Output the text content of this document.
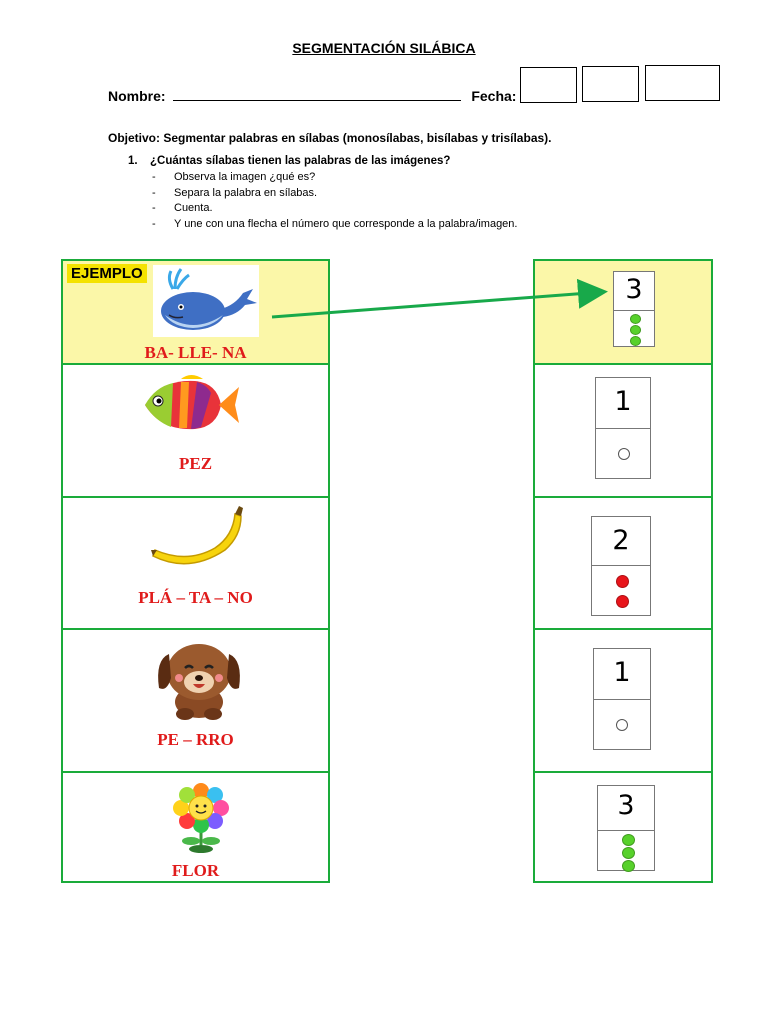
SEGMENTACIÓN SILÁBICA
Nombre:	Fecha:
Objetivo: Segmentar palabras en sílabas (monosílabas, bisílabas y trisílabas).
1. ¿Cuántas sílabas tienen las palabras de las imágenes?
- Observa la imagen ¿qué es?
- Separa la palabra en sílabas.
- Cuenta.
- Y une con una flecha el número que corresponde a la palabra/imagen.
EJEMPLO
BA- LLE- NA
PEZ
PLÁ – TA – NO
PE – RRO
FLOR
3
1
2
1
3
